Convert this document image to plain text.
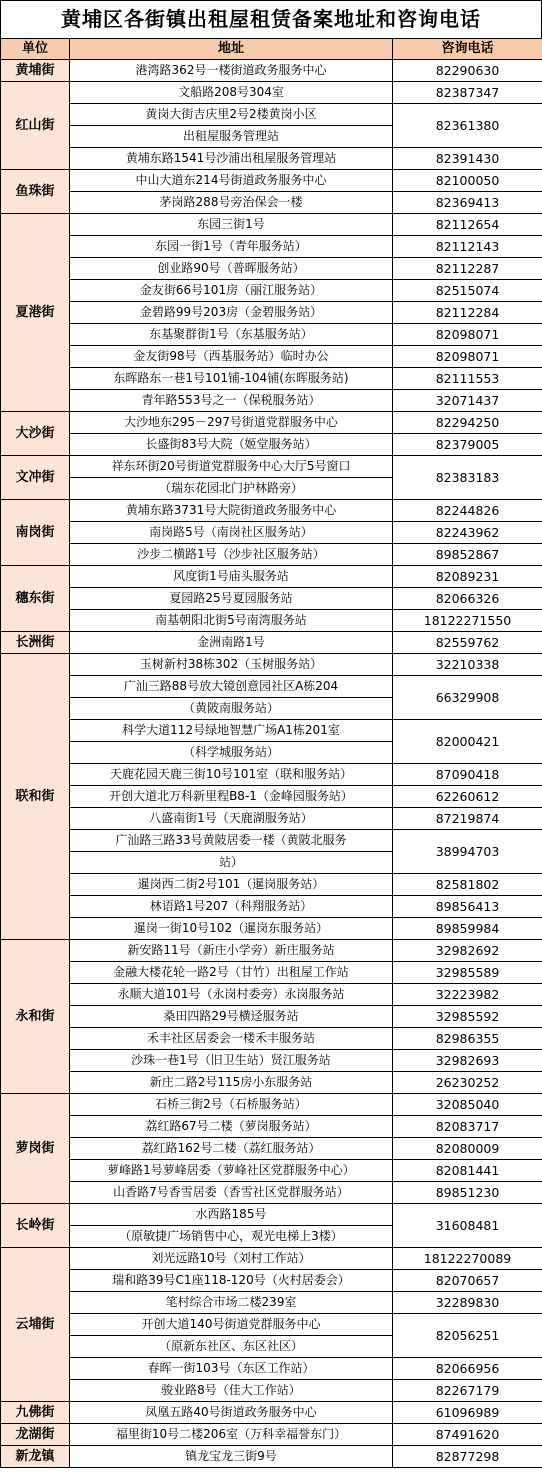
黄埔区各街镇出租屋租赁备案地址和咨询电话
单位	地址	咨询电话
黄埔街	港湾路362号一楼街道政务服务中心	82290630
红山街	文船路208号304室	82387347
	黄岗大街吉庆里2号2楼黄岗小区	82361380
	出租屋服务管理站	
	黄埔东路1541号沙浦出租屋服务管理站	82391430
鱼珠街	中山大道东214号街道政务服务中心	82100050
	茅岗路288号旁治保会一楼	82369413
夏港街	东园三街1号	82112654
	东园一街1号（青年服务站）	82112143
	创业路90号（普晖服务站）	82112287
	金友街66号101房（丽江服务站）	82515074
	金碧路99号203房（金碧服务站）	82112284
	东基聚群街1号（东基服务站）	82098071
	金友街98号（西基服务站）临时办公	82098071
	东晖路东一巷1号101铺-104铺(东晖服务站)	82111553
	青年路553号之一（保税服务站）	32071437
大沙街	大沙地东295－297号街道党群服务中心	82294250
	长盛街83号大院（姬堂服务站）	82379005
文冲街	祥东环街20号街道党群服务中心大厅5号窗口	82383183
	（瑞东花园北门护林路旁）	
南岗街	黄埔东路3731号大院街道政务服务中心	82244826
	南岗路5号（南岗社区服务站）	82243962
	沙步二横路1号（沙步社区服务站）	89852867
穗东街	风度街1号庙头服务站	82089231
	夏园路25号夏园服务站	82066326
	南基朝阳北街5号南湾服务站	18122271550
长洲街	金洲南路1号	82559762
联和街	玉树新村38栋302（玉树服务站）	32210338
	广汕三路88号放大镜创意园社区A栋204	66329908
	（黄陂南服务站）	
	科学大道112号绿地智慧广场A1栋201室	82000421
	（科学城服务站）	
	天鹿花园天鹿三街10号101室（联和服务站）	87090418
	开创大道北万科新里程B8-1（金峰园服务站）	62260612
	八盛南街1号（天鹿湖服务站）	87219874
	广汕路三路33号黄陂居委一楼（黄陂北服务	38994703
	站）	
	暹岗西二街2号101（暹岗服务站）	82581802
	林语路1号207（科翔服务站）	89856413
	暹岗一街10号102（暹岗东服务站）	89859984
永和街	新安路11号（新庄小学旁）新庄服务站	32982692
	金融大楼花轮一路2号（甘竹）出租屋工作站	32985589
	永顺大道101号（永岗村委旁）永岗服务站	32223982
	桑田四路29号横迳服务站	32985592
	禾丰社区居委会一楼禾丰服务站	82986355
	沙珠一巷1号（旧卫生站）贤江服务站	32982693
	新庄二路2号115房小东服务站	26230252
萝岗街	石桥三街2号（石桥服务站）	32085040
	荔红路67号二楼（萝岗服务站）	82083717
	荔红路162号二楼（荔红服务站）	82080009
	萝峰路1号萝峰居委（萝峰社区党群服务中心）	82081441
	山香路7号香雪居委（香雪社区党群服务站）	89851230
长岭街	水西路185号	31608481
	（原敏捷广场销售中心，观光电梯上3楼）	
云埔街	刘光远路10号（刘村工作站）	18122270089
	瑞和路39号C1座118-120号（火村居委会）	82070657
	笔村综合市场二楼239室	32289830
	开创大道140号街道党群服务中心	82056251
	（原新东社区、东区社区）	
	春晖一街103号（东区工作站）	82066956
	骏业路8号（佳大工作站）	82267179
九佛街	凤凰五路40号街道政务服务中心	61096989
龙湖街	福里街10号二楼206室（万科幸福誉东门）	87491620
新龙镇	镇龙宝龙三街9号	82877298
